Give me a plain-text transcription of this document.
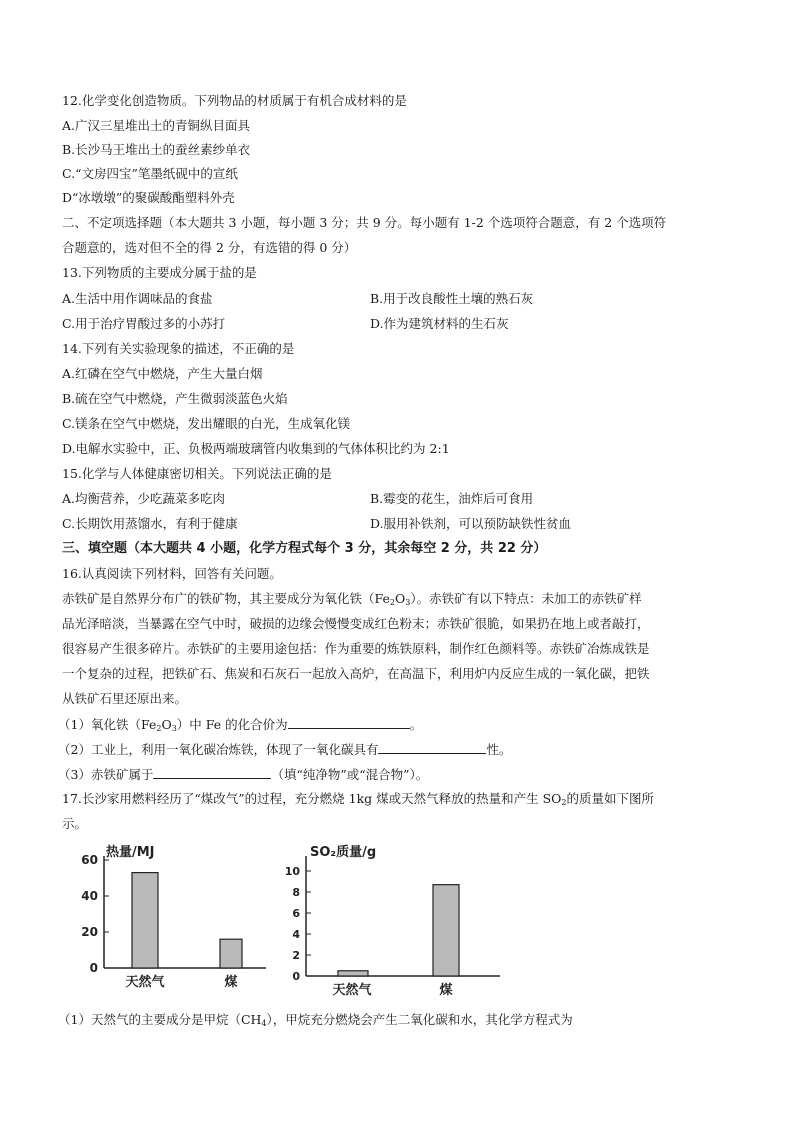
12.化学变化创造物质。下列物品的材质属于有机合成材料的是
A.广汉三星堆出土的青铜纵目面具
B.长沙马王堆出土的蚕丝素纱单衣
C.“文房四宝”笔墨纸砚中的宣纸
D“冰墩墩”的聚碳酸酯塑料外壳
二、不定项选择题（本大题共 3 小题，每小题 3 分；共 9 分。每小题有 1-2 个选项符合题意，有 2 个选项符
合题意的，选对但不全的得 2 分，有选错的得 0 分）
13.下列物质的主要成分属于盐的是
A.生活中用作调味品的食盐	B.用于改良酸性土壤的熟石灰
C.用于治疗胃酸过多的小苏打	D.作为建筑材料的生石灰
14.下列有关实验现象的描述，不正确的是
A.红磷在空气中燃烧，产生大量白烟
B.硫在空气中燃烧，产生微弱淡蓝色火焰
C.镁条在空气中燃烧，发出耀眼的白光，生成氧化镁
D.电解水实验中，正、负极两端玻璃管内收集到的气体体积比约为 2:1
15.化学与人体健康密切相关。下列说法正确的是
A.均衡营养，少吃蔬菜多吃肉	B.霉变的花生，油炸后可食用
C.长期饮用蒸馏水，有利于健康	D.服用补铁剂，可以预防缺铁性贫血
三、填空题（本大题共 4 小题，化学方程式每个 3 分，其余每空 2 分，共 22 分）
16.认真阅读下列材料，回答有关问题。
赤铁矿是自然界分布广的铁矿物，其主要成分为氧化铁$(Fe_2O_3)$。赤铁矿有以下特点：未加工的赤铁矿样
品光泽暗淡，当暴露在空气中时，破损的边缘会慢慢变成红色粉末；赤铁矿很脆，如果扔在地上或者敲打，
很容易产生很多碎片。赤铁矿的主要用途包括：作为重要的炼铁原料，制作红色颜料等。赤铁矿冶炼成铁是
一个复杂的过程，把铁矿石、焦炭和石灰石一起放入高炉，在高温下，利用炉内反应生成的一氧化碳，把铁
从铁矿石里还原出来。
（1）氧化铁$(Fe_2O_3)$中 Fe 的化合价为	。
（2）工业上，利用一氧化碳冶炼铁，体现了一氧化碳具有	性。
（3）赤铁矿属于	（填“纯净物”或“混合物”）。
17.长沙家用燃料经历了“煤改气”的过程，充分燃烧 1kg 煤或天然气释放的热量和产生 $SO_2$的质量如下图所
示。
热量/MJ
0
20
40
60
天然气	煤
SO₂质量/g
0
2
4
6
8
10
天然气	煤
（1）天然气的主要成分是甲烷$(CH_4)$，甲烷充分燃烧会产生二氧化碳和水，其化学方程式为
